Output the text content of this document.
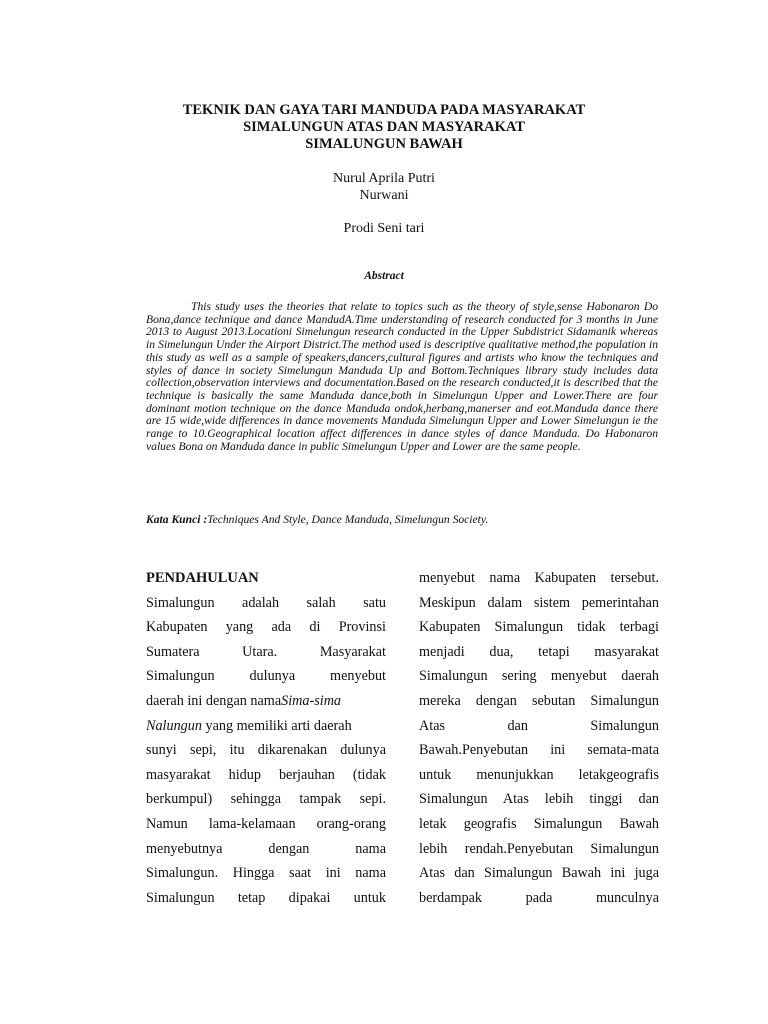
TEKNIK DAN GAYA TARI MANDUDA PADA MASYARAKAT
SIMALUNGUN ATAS DAN MASYARAKAT
SIMALUNGUN BAWAH
Nurul Aprila Putri
Nurwani
Prodi Seni tari
Abstract
This study uses the theories that relate to topics such as the theory of style,sense Habonaron Do Bona,dance technique and dance MandudA.Time understanding of research conducted for 3 months in June 2013 to August 2013.Locationi Simelungun research conducted in the Upper Subdistrict Sidamanik whereas in Simelungun Under the Airport District.The method used is descriptive qualitative method,the population in this study as well as a sample of speakers,dancers,cultural figures and artists who know the techniques and styles of dance in society Simelungun Manduda Up and Bottom.Techniques library study includes data collection,observation interviews and documentation.Based on the research conducted,it is described that the technique is basically the same Manduda dance,both in Simelungun Upper and Lower.There are four dominant motion technique on the dance Manduda ondok,herbang,manerser and eot.Manduda dance there are 15 wide,wide differences in dance movements Manduda Simelungun Upper and Lower Simelungun ie the range to 10.Geographical location affect differences in dance styles of dance Manduda. Do Habonaron values Bona on Manduda dance in public Simelungun Upper and Lower are the same people.
Kata Kunci :Techniques And Style, Dance Manduda, Simelungun Society.
PENDAHULUAN
Simalungun adalah salah satu
Kabupaten yang ada di Provinsi
Sumatera Utara. Masyarakat
Simalungun dulunya menyebut
daerah ini dengan namaSima-sima
Nalungun yang memiliki arti daerah
sunyi sepi, itu dikarenakan dulunya
masyarakat hidup berjauhan (tidak
berkumpul) sehingga tampak sepi.
Namun lama-kelamaan orang-orang
menyebutnya dengan nama
Simalungun. Hingga saat ini nama
Simalungun tetap dipakai untuk
menyebut nama Kabupaten tersebut.
Meskipun dalam sistem pemerintahan
Kabupaten Simalungun tidak terbagi
menjadi dua, tetapi masyarakat
Simalungun sering menyebut daerah
mereka dengan sebutan Simalungun
Atas dan Simalungun
Bawah.Penyebutan ini semata-mata
untuk menunjukkan letakgeografis
Simalungun Atas lebih tinggi dan
letak geografis Simalungun Bawah
lebih rendah.Penyebutan Simalungun
Atas dan Simalungun Bawah ini juga
berdampak pada munculnya
